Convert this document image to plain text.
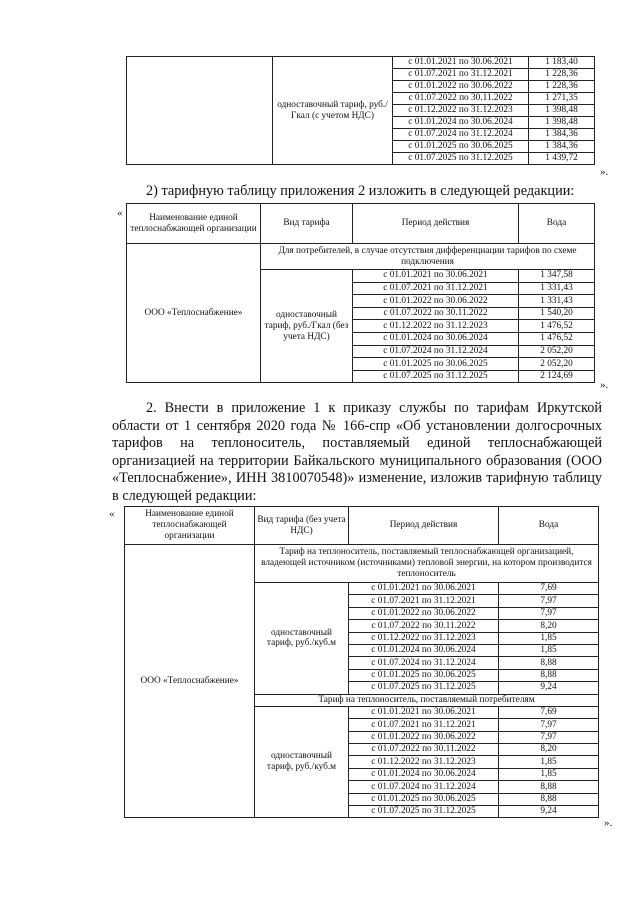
	одноставочный тариф, руб./Гкал (с учетом НДС)	с 01.01.2021 по 30.06.2021	1 183,40
		с 01.07.2021 по 31.12.2021	1 228,36
		с 01.01.2022 по 30.06.2022	1 228,36
		с 01.07.2022 по 30.11.2022	1 271,35
		с 01.12.2022 по 31.12.2023	1 398,48
		с 01.01.2024 по 30.06.2024	1 398,48
		с 01.07.2024 по 31.12.2024	1 384,36
		с 01.01.2025 по 30.06.2025	1 384,36
		с 01.07.2025 по 31.12.2025	1 439,72
».
2) тарифную таблицу приложения 2 изложить в следующей редакции:
«	Наименование единой теплоснабжающей организации	Вид тарифа	Период действия	Вода
ООО «Теплоснабжение»	Для потребителей, в случае отсутствия дифференциации тарифов по схеме подключения		
	одноставочный тариф, руб./Гкал (без учета НДС)	с 01.01.2021 по 30.06.2021	1 347,58
		с 01.07.2021 по 31.12.2021	1 331,43
		с 01.01.2022 по 30.06.2022	1 331,43
		с 01.07.2022 по 30.11.2022	1 540,20
		с 01.12.2022 по 31.12.2023	1 476,52
		с 01.01.2024 по 30.06.2024	1 476,52
		с 01.07.2024 по 31.12.2024	2 052,20
		с 01.01.2025 по 30.06.2025	2 052,20
		с 01.07.2025 по 31.12.2025	2 124,69
».
2. Внести в приложение 1 к приказу службы по тарифам Иркутской области от 1 сентября 2020 года № 166-спр «Об установлении долгосрочных тарифов на теплоноситель, поставляемый единой теплоснабжающей организацией на территории Байкальского муниципального образования (ООО «Теплоснабжение», ИНН 3810070548)» изменение, изложив тарифную таблицу в следующей редакции:
«	Наименование единой теплоснабжающей организации	Вид тарифа (без учета НДС)	Период действия	Вода
ООО «Теплоснабжение»	Тариф на теплоноситель, поставляемый теплоснабжающей организацией, владеющей источником (источниками) тепловой энергии, на котором производится теплоноситель		
	одноставочный тариф, руб./куб.м	с 01.01.2021 по 30.06.2021	7,69
		с 01.07.2021 по 31.12.2021	7,97
		с 01.01.2022 по 30.06.2022	7,97
		с 01.07.2022 по 30.11.2022	8,20
		с 01.12.2022 по 31.12.2023	1,85
		с 01.01.2024 по 30.06.2024	1,85
		с 01.07.2024 по 31.12.2024	8,88
		с 01.01.2025 по 30.06.2025	8,88
		с 01.07.2025 по 31.12.2025	9,24
	Тариф на теплоноситель, поставляемый потребителям		
	одноставочный тариф, руб./куб.м	с 01.01.2021 по 30.06.2021	7,69
		с 01.07.2021 по 31.12.2021	7,97
		с 01.01.2022 по 30.06.2022	7,97
		с 01.07.2022 по 30.11.2022	8,20
		с 01.12.2022 по 31.12.2023	1,85
		с 01.01.2024 по 30.06.2024	1,85
		с 01.07.2024 по 31.12.2024	8,88
		с 01.01.2025 по 30.06.2025	8,88
		с 01.07.2025 по 31.12.2025	9,24
».
